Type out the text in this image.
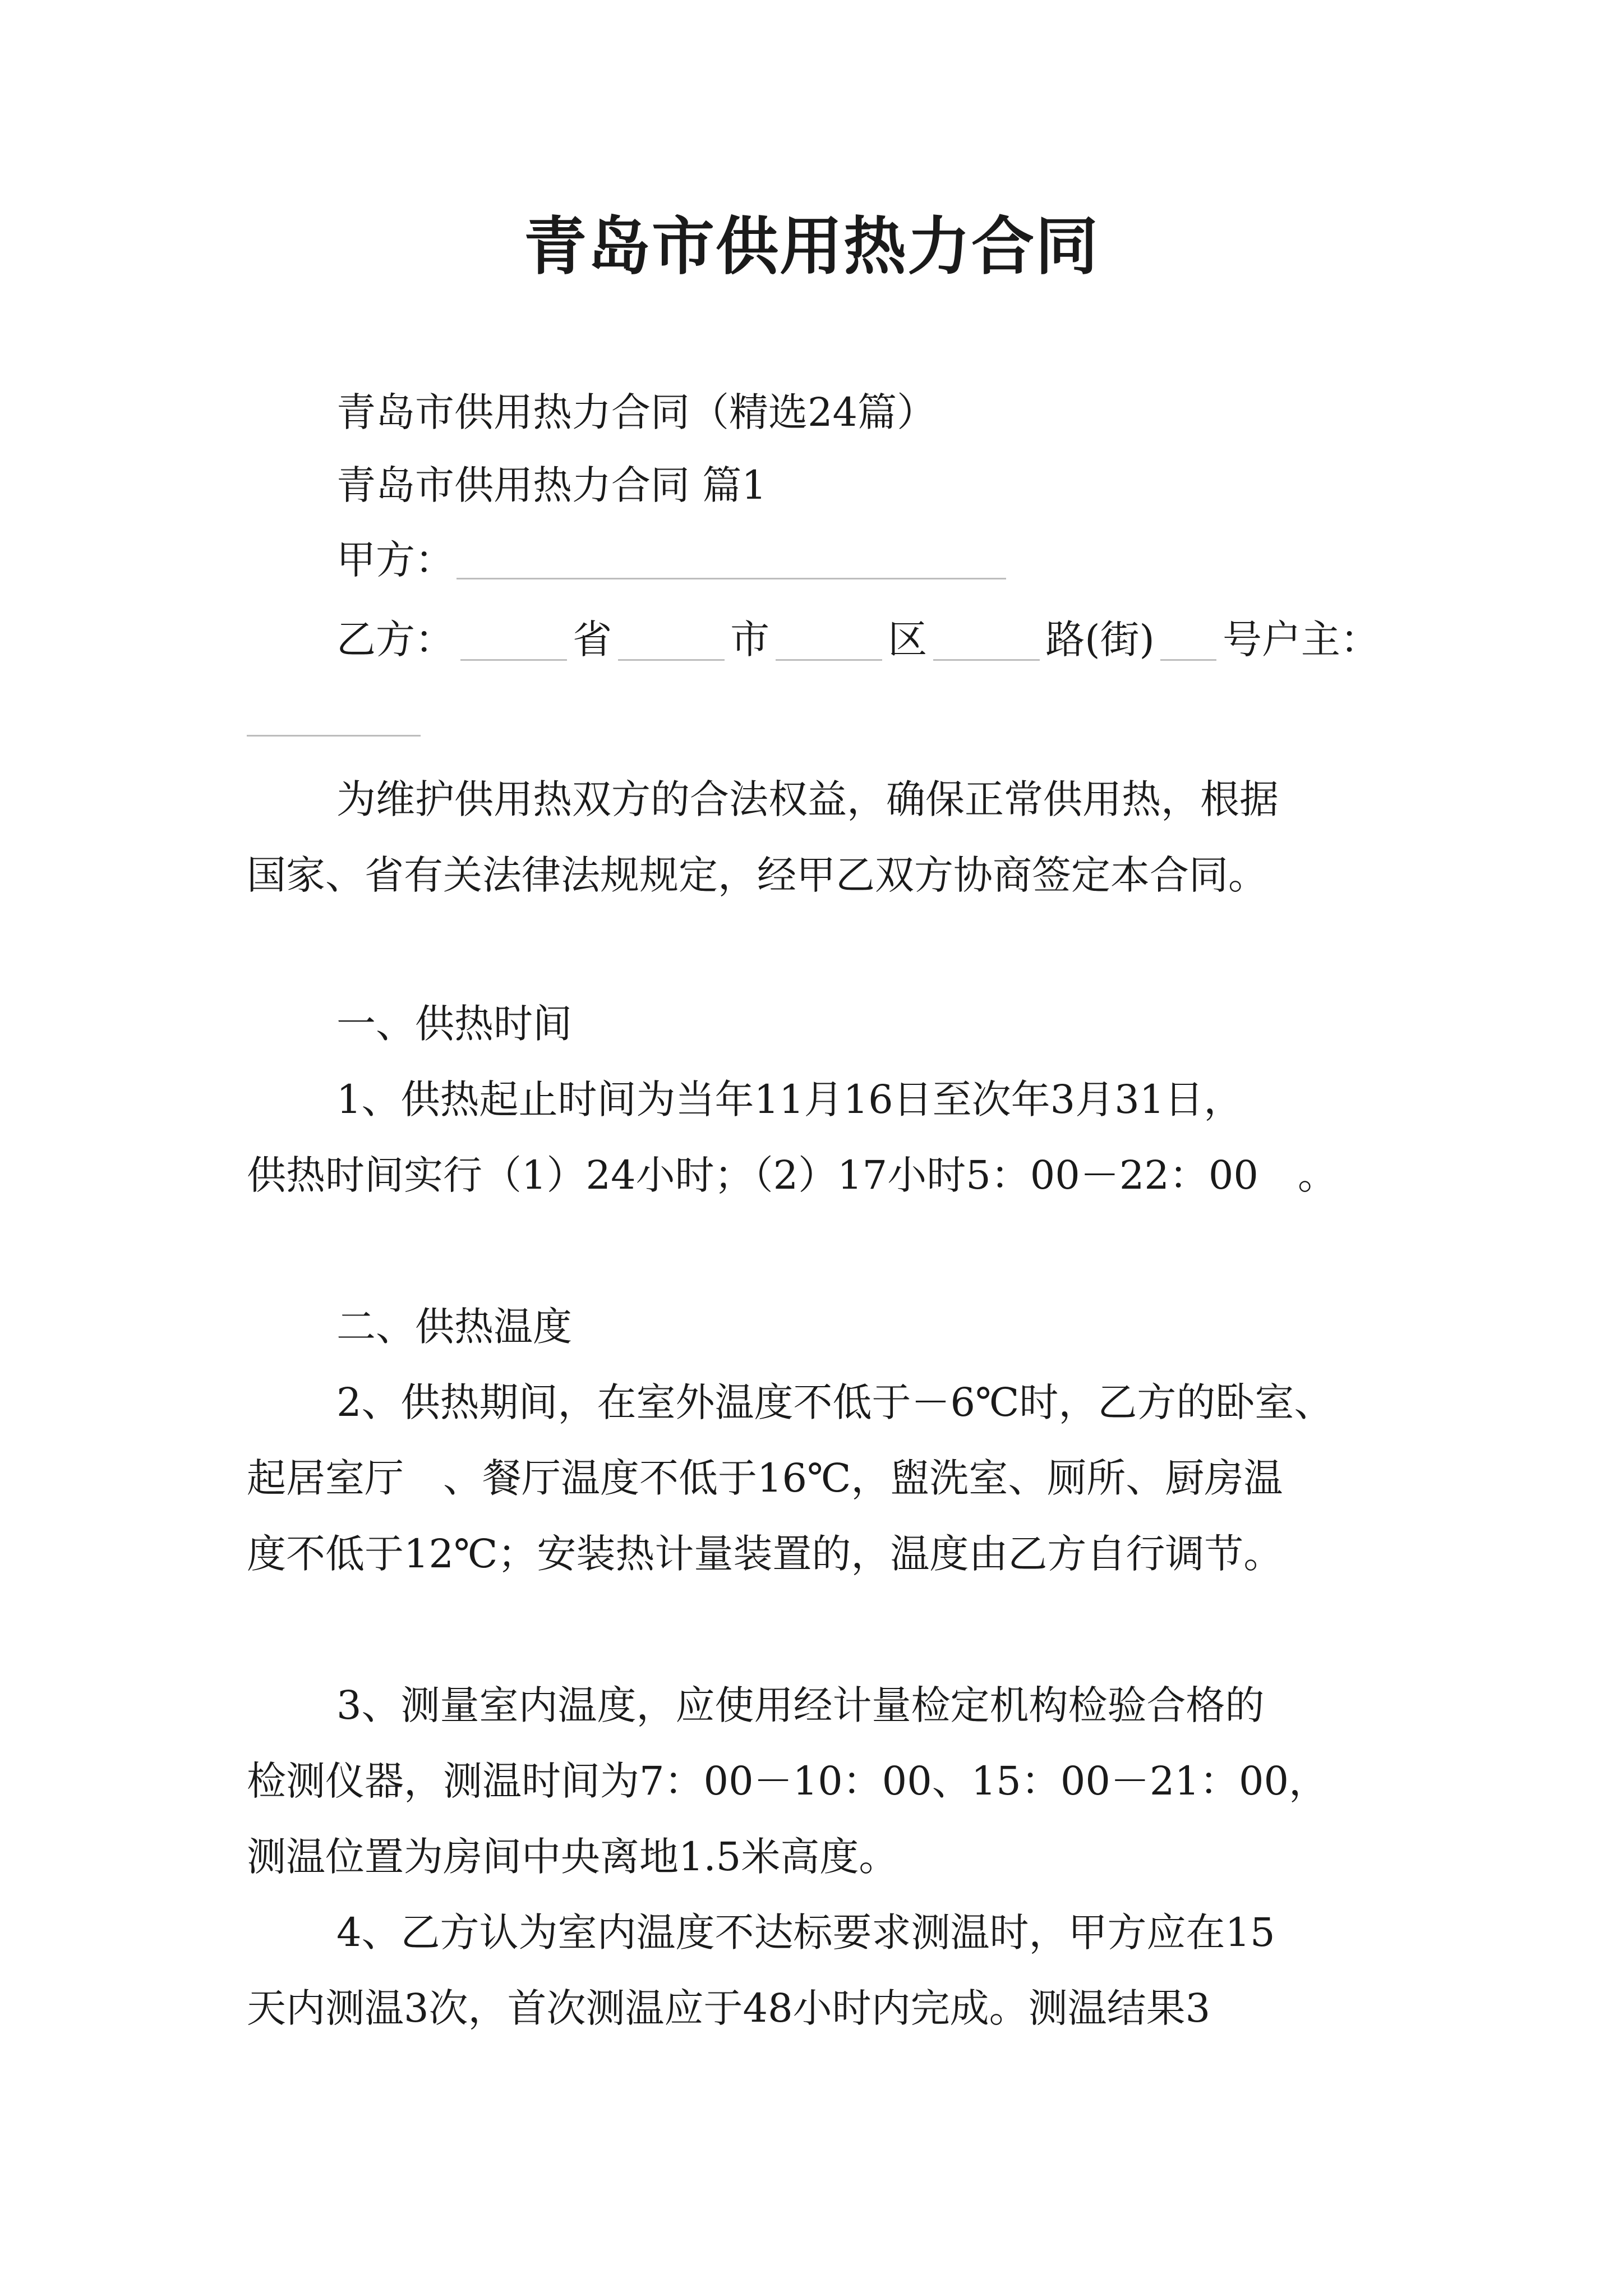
青岛市供用热力合同
青岛市供用热力合同（精选24篇）
青岛市供用热力合同 篇1
甲方：
乙方：	省	市	区	路(街) 号户主：
为维护供用热双方的合法权益，确保正常供用热，根据
国家、省有关法律法规规定，经甲乙双方协商签定本合同。
一、供热时间
1、供热起止时间为当年11月16日至次年3月31日，
供热时间实行（1）24小时；（2）17小时5：00－22：00　。
二、供热温度
2、供热期间，在室外温度不低于－6℃时，乙方的卧室、
起居室厅　、餐厅温度不低于16℃，盥洗室、厕所、厨房温
度不低于12℃；安装热计量装置的，温度由乙方自行调节。
3、测量室内温度，应使用经计量检定机构检验合格的
检测仪器，测温时间为7：00－10：00、15：00－21：00，
测温位置为房间中央离地1.5米高度。
4、乙方认为室内温度不达标要求测温时，甲方应在15
天内测温3次，首次测温应于48小时内完成。测温结果3
